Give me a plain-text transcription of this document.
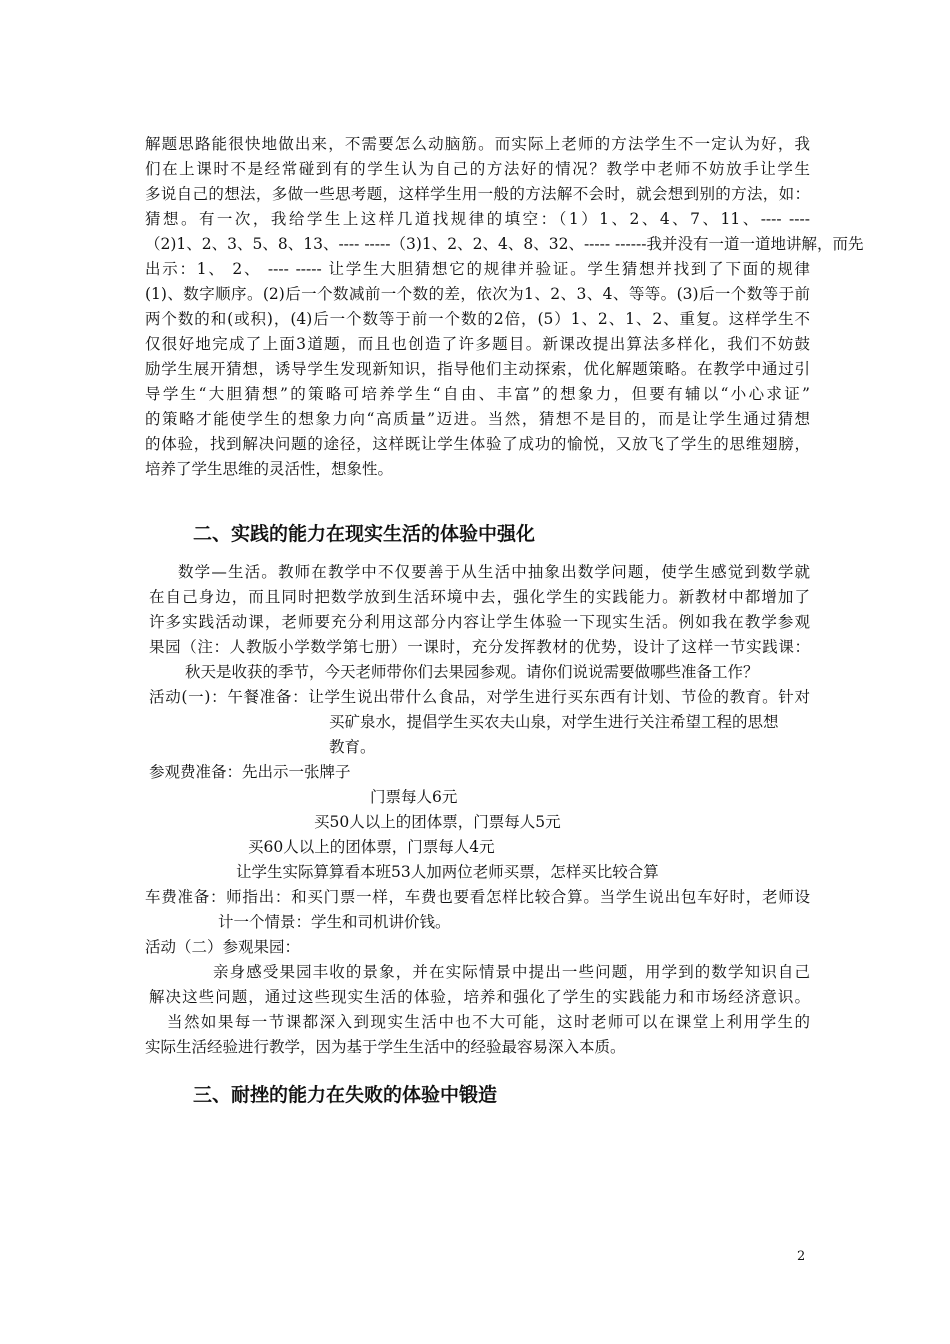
解题思路能很快地做出来，不需要怎么动脑筋。而实际上老师的方法学生不一定认为好，我
们在上课时不是经常碰到有的学生认为自己的方法好的情况？教学中老师不妨放手让学生
多说自己的想法，多做一些思考题，这样学生用一般的方法解不会时，就会想到别的方法，如：
猜想。有一次，我给学生上这样几道找规律的填空：（1）1、2、4、7、11、---- ----
（2)1、2、3、5、8、13、---- -----（3)1、2、2、4、8、32、----- ------我并没有一道一道地讲解，而先
出示：1、 2、 ---- ----- 让学生大胆猜想它的规律并验证。学生猜想并找到了下面的规律
(1)、数字顺序。(2)后一个数减前一个数的差，依次为1、2、3、4、等等。(3)后一个数等于前
两个数的和(或积)，(4)后一个数等于前一个数的2倍，(5）1、2、1、2、重复。这样学生不
仅很好地完成了上面3道题，而且也创造了许多题目。新课改提出算法多样化，我们不妨鼓
励学生展开猜想，诱导学生发现新知识，指导他们主动探索，优化解题策略。在教学中通过引
导学生“大胆猜想”的策略可培养学生“自由、丰富”的想象力，但要有辅以“小心求证”
的策略才能使学生的想象力向“高质量”迈进。当然，猜想不是目的，而是让学生通过猜想
的体验，找到解决问题的途径，这样既让学生体验了成功的愉悦，又放飞了学生的思维翅膀，
培养了学生思维的灵活性，想象性。
二、实践的能力在现实生活的体验中强化
数学—生活。教师在教学中不仅要善于从生活中抽象出数学问题，使学生感觉到数学就
在自己身边，而且同时把数学放到生活环境中去，强化学生的实践能力。新教材中都增加了
许多实践活动课，老师要充分利用这部分内容让学生体验一下现实生活。例如我在教学参观
果园（注：人教版小学数学第七册）一课时，充分发挥教材的优势，设计了这样一节实践课：
秋天是收获的季节，今天老师带你们去果园参观。请你们说说需要做哪些准备工作？
活动(一)：午餐准备：让学生说出带什么食品，对学生进行买东西有计划、节俭的教育。针对
买矿泉水，提倡学生买农夫山泉，对学生进行关注希望工程的思想
教育。
参观费准备：先出示一张牌子
门票每人6元
买50人以上的团体票，门票每人5元
买60人以上的团体票，门票每人4元
让学生实际算算看本班53人加两位老师买票，怎样买比较合算
车费准备：师指出：和买门票一样，车费也要看怎样比较合算。当学生说出包车好时，老师设
计一个情景：学生和司机讲价钱。
活动（二）参观果园：
亲身感受果园丰收的景象，并在实际情景中提出一些问题，用学到的数学知识自己
解决这些问题，通过这些现实生活的体验，培养和强化了学生的实践能力和市场经济意识。
当然如果每一节课都深入到现实生活中也不大可能，这时老师可以在课堂上利用学生的
实际生活经验进行教学，因为基于学生生活中的经验最容易深入本质。
三、耐挫的能力在失败的体验中锻造
2
